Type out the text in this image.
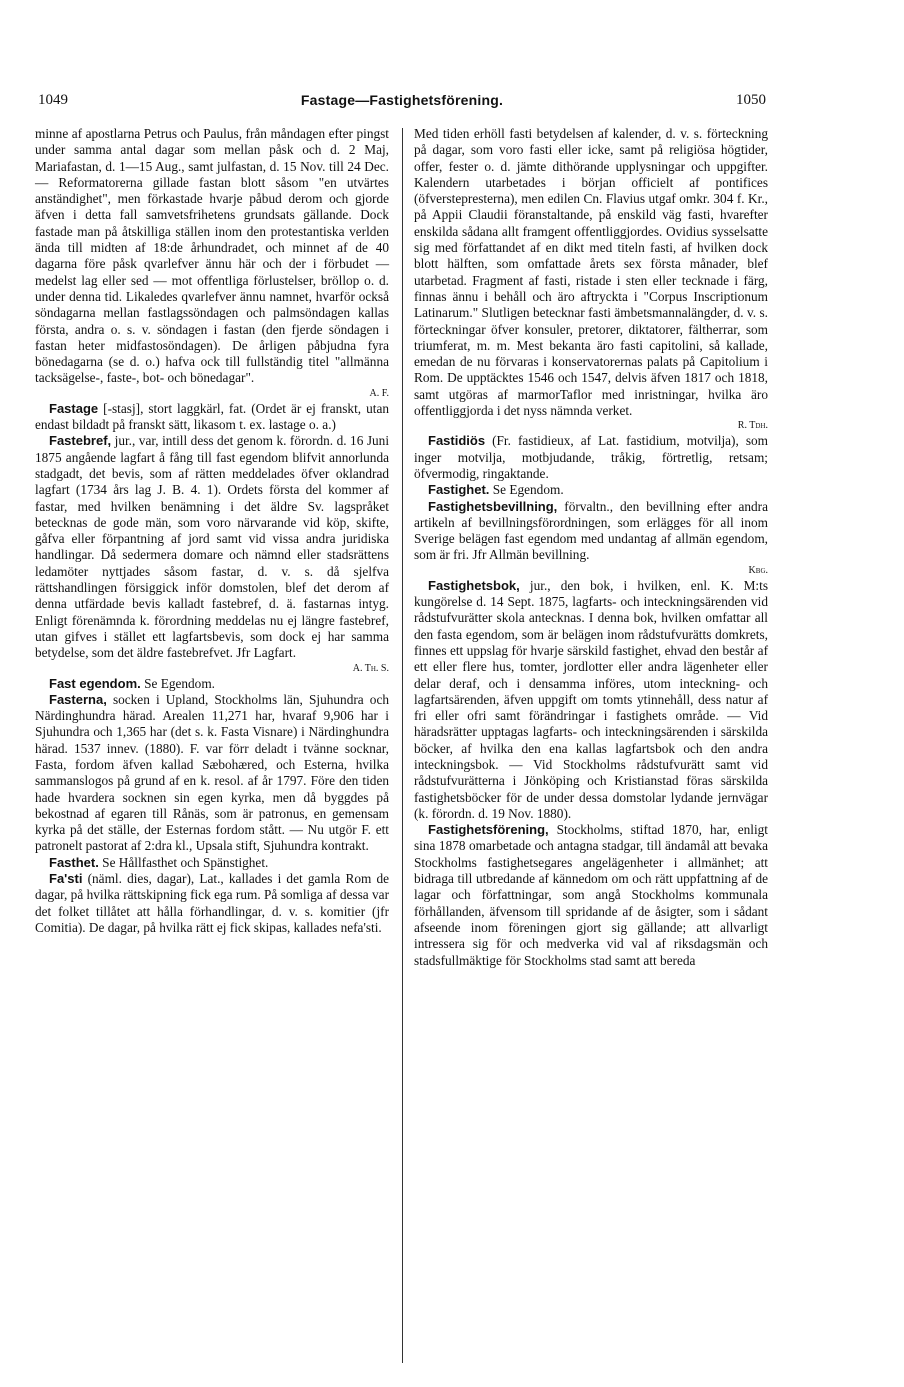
1049	Fastage—Fastighetsförening.	1050

minne af apostlarna Petrus och Paulus, från måndagen efter pingst under samma antal dagar som mellan påsk och d. 2 Maj, Mariafastan, d. 1—15 Aug., samt julfastan, d. 15 Nov. till 24 Dec. — Reformatorerna gillade fastan blott såsom "en utvärtes anständighet", men förkastade hvarje påbud derom och gjorde äfven i detta fall samvetsfrihetens grundsats gällande. Dock fastade man på åtskilliga ställen inom den protestantiska verlden ända till midten af 18:de århundradet, och minnet af de 40 dagarna före påsk qvarlefver ännu här och der i förbudet — medelst lag eller sed — mot offentliga förlustelser, bröllop o. d. under denna tid. Likaledes qvarlefver ännu namnet, hvarför också söndagarna mellan fastlagssöndagen och palmsöndagen kallas första, andra o. s. v. söndagen i fastan (den fjerde söndagen i fastan heter midfastosöndagen). De årligen påbjudna fyra bönedagarna (se d. o.) hafva ock till fullständig titel "allmänna tacksägelse-, faste-, bot- och bönedagar".
A. F.

Fastage [-stasj], stort laggkärl, fat. (Ordet är ej franskt, utan endast bildadt på franskt sätt, likasom t. ex. lastage o. a.)

Fastebref, jur., var, intill dess det genom k. förordn. d. 16 Juni 1875 angående lagfart å fång till fast egendom blifvit annorlunda stadgadt, det bevis, som af rätten meddelades öfver oklandrad lagfart (1734 års lag J. B. 4. 1). Ordets första del kommer af fastar, med hvilken benämning i det äldre Sv. lagspråket betecknas de gode män, som voro närvarande vid köp, skifte, gåfva eller förpantning af jord samt vid vissa andra juridiska handlingar. Då sedermera domare och nämnd eller stadsrättens ledamöter nyttjades såsom fastar, d. v. s. då sjelfva rättshandlingen försiggick inför domstolen, blef det derom af denna utfärdade bevis kalladt fastebref, d. ä. fastarnas intyg. Enligt förenämnda k. förordning meddelas nu ej längre fastebref, utan gifves i stället ett lagfartsbevis, som dock ej har samma betydelse, som det äldre fastebrefvet. Jfr Lagfart.
A. Th. S.

Fast egendom. Se Egendom.

Fasterna, socken i Upland, Stockholms län, Sjuhundra och Närdinghundra härad. Arealen 11,271 har, hvaraf 9,906 har i Sjuhundra och 1,365 har (det s. k. Fasta Visnare) i Närdinghundra härad. 1537 innev. (1880). F. var förr deladt i tvänne socknar, Fasta, fordom äfven kallad Sæbohæred, och Esterna, hvilka sammanslogos på grund af en k. resol. af år 1797. Före den tiden hade hvardera socknen sin egen kyrka, men då byggdes på bekostnad af egaren till Rånäs, som är patronus, en gemensam kyrka på det ställe, der Esternas fordom stått. — Nu utgör F. ett patronelt pastorat af 2:dra kl., Upsala stift, Sjuhundra kontrakt.

Fasthet. Se Hållfasthet och Spänstighet.

Fa'sti (näml. dies, dagar), Lat., kallades i det gamla Rom de dagar, på hvilka rättskipning fick ega rum. På somliga af dessa var det folket tillåtet att hålla förhandlingar, d. v. s. komitier (jfr Comitia). De dagar, på hvilka rätt ej fick skipas, kallades nefa'sti.

Med tiden erhöll fasti betydelsen af kalender, d. v. s. förteckning på dagar, som voro fasti eller icke, samt på religiösa högtider, offer, fester o. d. jämte dithörande upplysningar och uppgifter. Kalendern utarbetades i början officielt af pontifices (öfverstepresterna), men edilen Cn. Flavius utgaf omkr. 304 f. Kr., på Appii Claudii föranstaltande, på enskild väg fasti, hvarefter enskilda sådana allt framgent offentliggjordes. Ovidius sysselsatte sig med författandet af en dikt med titeln fasti, af hvilken dock blott hälften, som omfattade årets sex första månader, blef utarbetad. Fragment af fasti, ristade i sten eller tecknade i färg, finnas ännu i behåll och äro aftryckta i "Corpus Inscriptionum Latinarum." Slutligen betecknar fasti ämbetsmannalängder, d. v. s. förteckningar öfver konsuler, pretorer, diktatorer, fältherrar, som triumferat, m. m. Mest bekanta äro fasti capitolini, så kallade, emedan de nu förvaras i konservatorernas palats på Capitolium i Rom. De upptäcktes 1546 och 1547, delvis äfven 1817 och 1818, samt utgöras af marmorTaflor med inristningar, hvilka äro offentliggjorda i det nyss nämnda verket.
R. Tdh.

Fastidiös (Fr. fastidieux, af Lat. fastidium, motvilja), som inger motvilja, motbjudande, tråkig, förtretlig, retsam; öfvermodig, ringaktande.

Fastighet. Se Egendom.

Fastighetsbevillning, förvaltn., den bevillning efter andra artikeln af bevillningsförordningen, som erlägges för all inom Sverige belägen fast egendom med undantag af allmän egendom, som är fri. Jfr Allmän bevillning.
Kbg.

Fastighetsbok, jur., den bok, i hvilken, enl. K. M:ts kungörelse d. 14 Sept. 1875, lagfarts- och inteckningsärenden vid rådstufvurätter skola antecknas. I denna bok, hvilken omfattar all den fasta egendom, som är belägen inom rådstufvurätts domkrets, finnes ett uppslag för hvarje särskild fastighet, ehvad den består af ett eller flere hus, tomter, jordlotter eller andra lägenheter eller delar deraf, och i densamma införes, utom inteckning- och lagfartsärenden, äfven uppgift om tomts ytinnehåll, dess natur af fri eller ofri samt förändringar i fastighets område. — Vid häradsrätter upptagas lagfarts- och inteckningsärenden i särskilda böcker, af hvilka den ena kallas lagfartsbok och den andra inteckningsbok. — Vid Stockholms rådstufvurätt samt vid rådstufvurätterna i Jönköping och Kristianstad föras särskilda fastighetsböcker för de under dessa domstolar lydande jernvägar (k. förordn. d. 19 Nov. 1880).

Fastighetsförening, Stockholms, stiftad 1870, har, enligt sina 1878 omarbetade och antagna stadgar, till ändamål att bevaka Stockholms fastighetsegares angelägenheter i allmänhet; att bidraga till utbredande af kännedom om och rätt uppfattning af de lagar och författningar, som angå Stockholms kommunala förhållanden, äfvensom till spridande af de åsigter, som i sådant afseende inom föreningen gjort sig gällande; att allvarligt intressera sig för och medverka vid val af riksdagsmän och stadsfullmäktige för Stockholms stad samt att bereda
